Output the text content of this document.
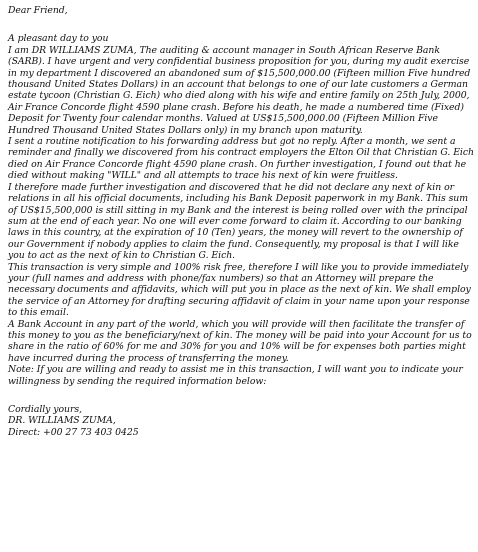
Dear Friend,

A pleasant day to you

I am DR WILLIAMS ZUMA, The auditing & account manager in South African Reserve Bank (SARB). I have urgent and very confidential business proposition for you, during my audit exercise in my department I discovered an abandoned sum of $15,500,000.00 (Fifteen million Five hundred thousand United States Dollars) in an account that belongs to one of our late customers a German estate tycoon (Christian G. Eich) who died along with his wife and entire family on 25th July, 2000, Air France Concorde flight 4590 plane crash. Before his death, he made a numbered time (Fixed) Deposit for Twenty four calendar months. Valued at US$15,500,000.00 (Fifteen Million Five Hundred Thousand United States Dollars only) in my branch upon maturity.

I sent a routine notification to his forwarding address but got no reply. After a month, we sent a reminder and finally we discovered from his contract employers the Elton Oil that Christian G. Eich died on Air France Concorde flight 4590 plane crash. On further investigation, I found out that he died without making "WILL" and all attempts to trace his next of kin were fruitless.

I therefore made further investigation and discovered that he did not declare any next of kin or relations in all his official documents, including his Bank Deposit paperwork in my Bank. This sum of US$15,500,000 is still sitting in my Bank and the interest is being rolled over with the principal sum at the end of each year. No one will ever come forward to claim it. According to our banking laws in this country, at the expiration of 10 (Ten) years, the money will revert to the ownership of our Government if nobody applies to claim the fund. Consequently, my proposal is that I will like you to act as the next of kin to Christian G. Eich.

This transaction is very simple and 100% risk free, therefore I will like you to provide immediately your (full names and address with phone/fax numbers) so that an Attorney will prepare the necessary documents and affidavits, which will put you in place as the next of kin. We shall employ the service of an Attorney for drafting securing affidavit of claim in your name upon your response to this email.

A Bank Account in any part of the world, which you will provide will then facilitate the transfer of this money to you as the beneficiary/next of kin. The money will be paid into your Account for us to share in the ratio of 60% for me and 30% for you and 10% will be for expenses both parties might have incurred during the process of transferring the money.

Note: If you are willing and ready to assist me in this transaction, I will want you to indicate your willingness by sending the required information below:

Cordially yours,

DR. WILLIAMS ZUMA,

Direct: +00 27 73 403 0425
